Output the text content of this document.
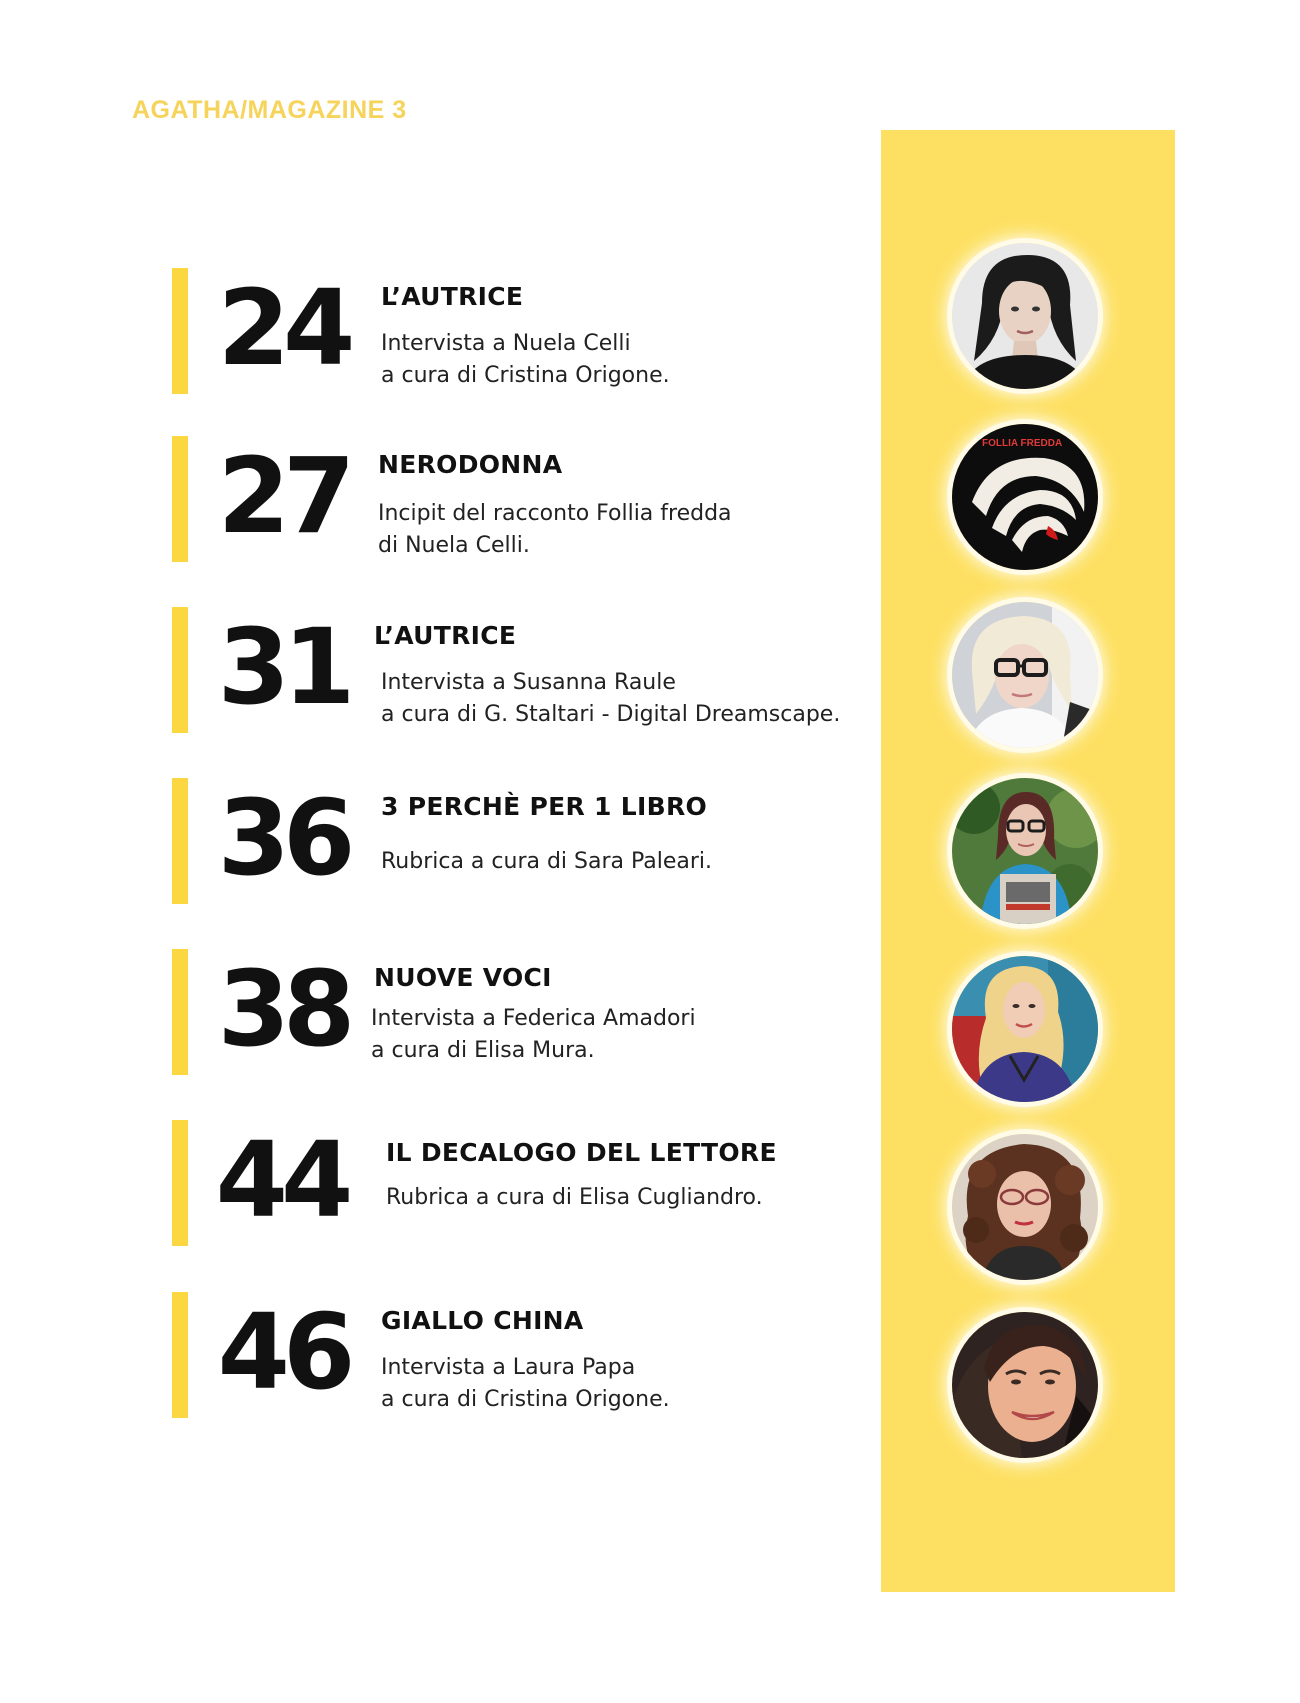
AGATHA/MAGAZINE 3
24	L’AUTRICE
Intervista a Nuela Celli
a cura di Cristina Origone.
27	NERODONNA
Incipit del racconto Follia fredda
di Nuela Celli.
31	L’AUTRICE
Intervista a Susanna Raule
a cura di G. Staltari - Digital Dreamscape.
36	3 PERCHÈ PER 1 LIBRO
Rubrica a cura di Sara Paleari.
38	NUOVE VOCI
Intervista a Federica Amadori
a cura di Elisa Mura.
44	IL DECALOGO DEL LETTORE
Rubrica a cura di Elisa Cugliandro.
46	GIALLO CHINA
Intervista a Laura Papa
a cura di Cristina Origone.
FOLLIA FREDDA
